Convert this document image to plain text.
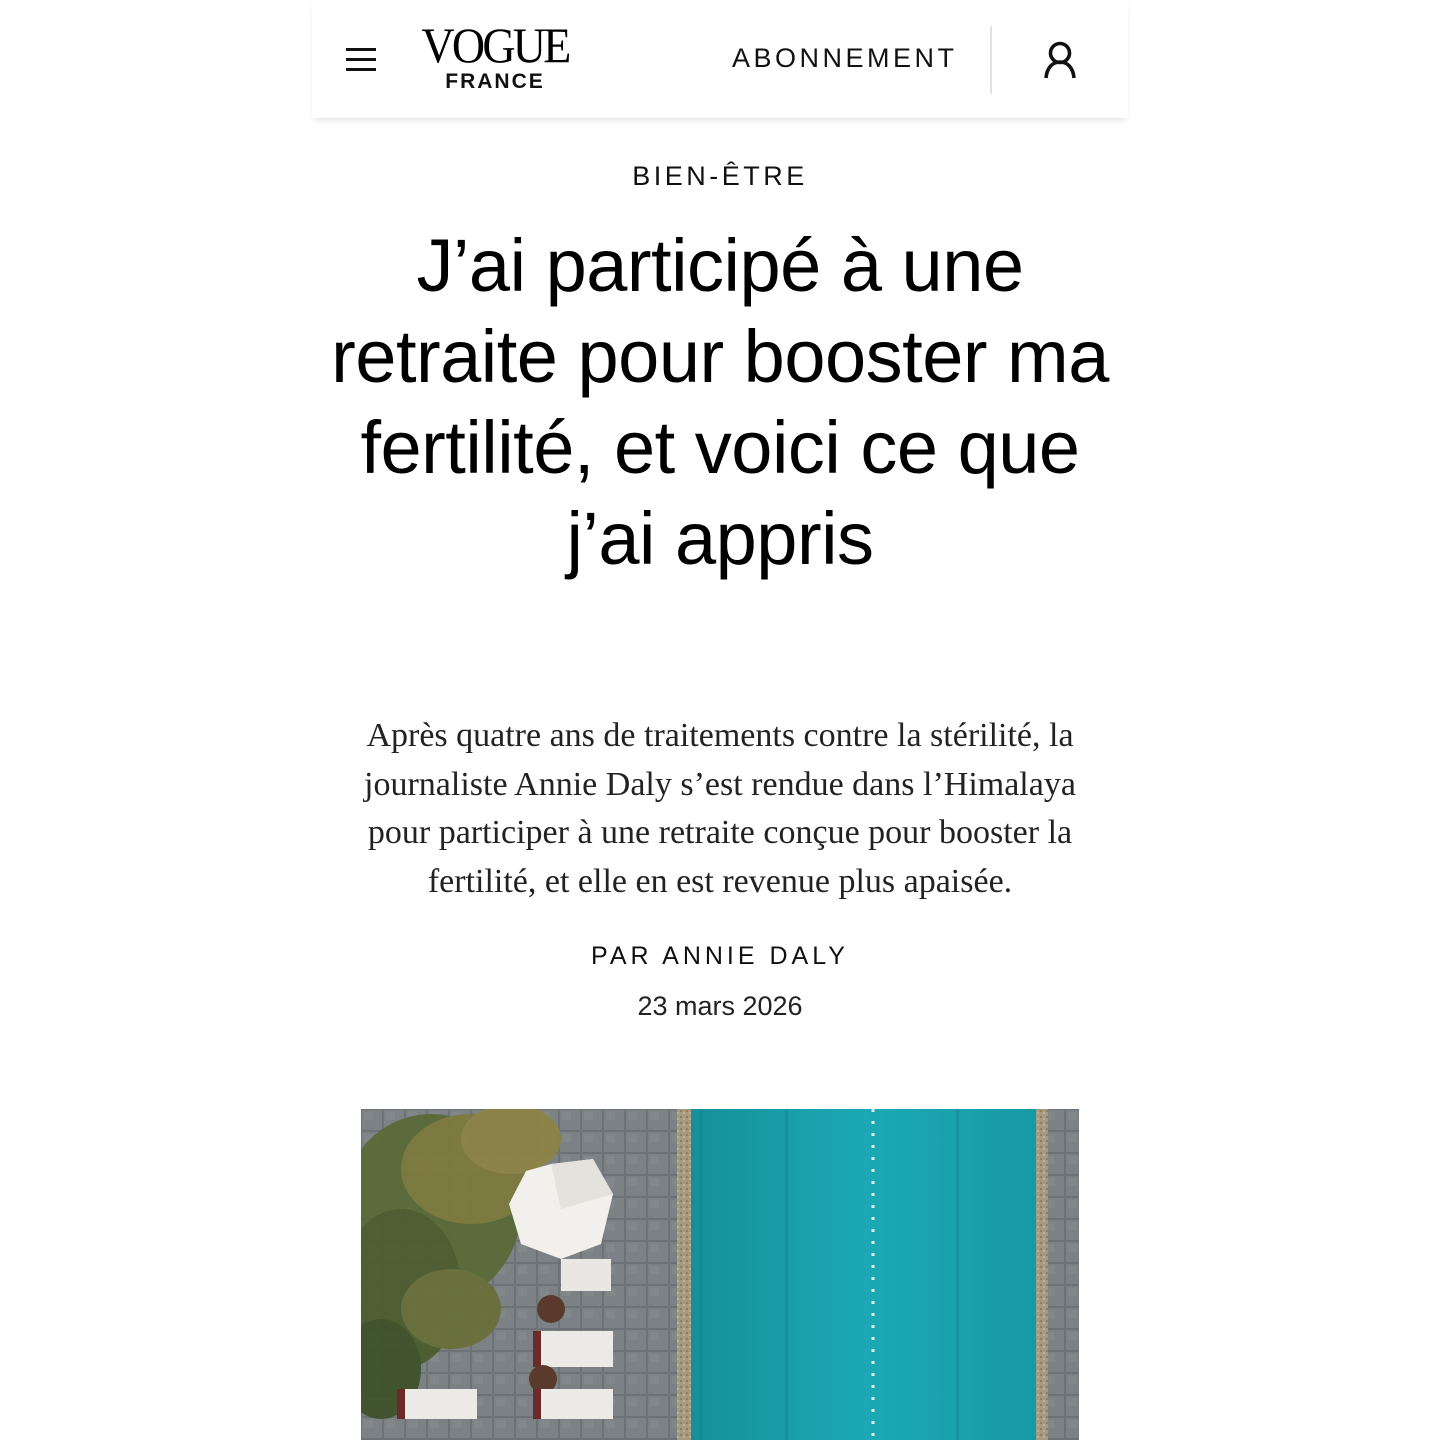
VOGUE
FRANCE
ABONNEMENT
BIEN-ÊTRE
J’ai participé à une retraite pour booster ma fertilité, et voici ce que j’ai appris

Après quatre ans de traitements contre la stérilité, la journaliste Annie Daly s’est rendue dans l’Himalaya pour participer à une retraite conçue pour booster la fertilité, et elle en est revenue plus apaisée.

PAR ANNIE DALY
23 mars 2026
